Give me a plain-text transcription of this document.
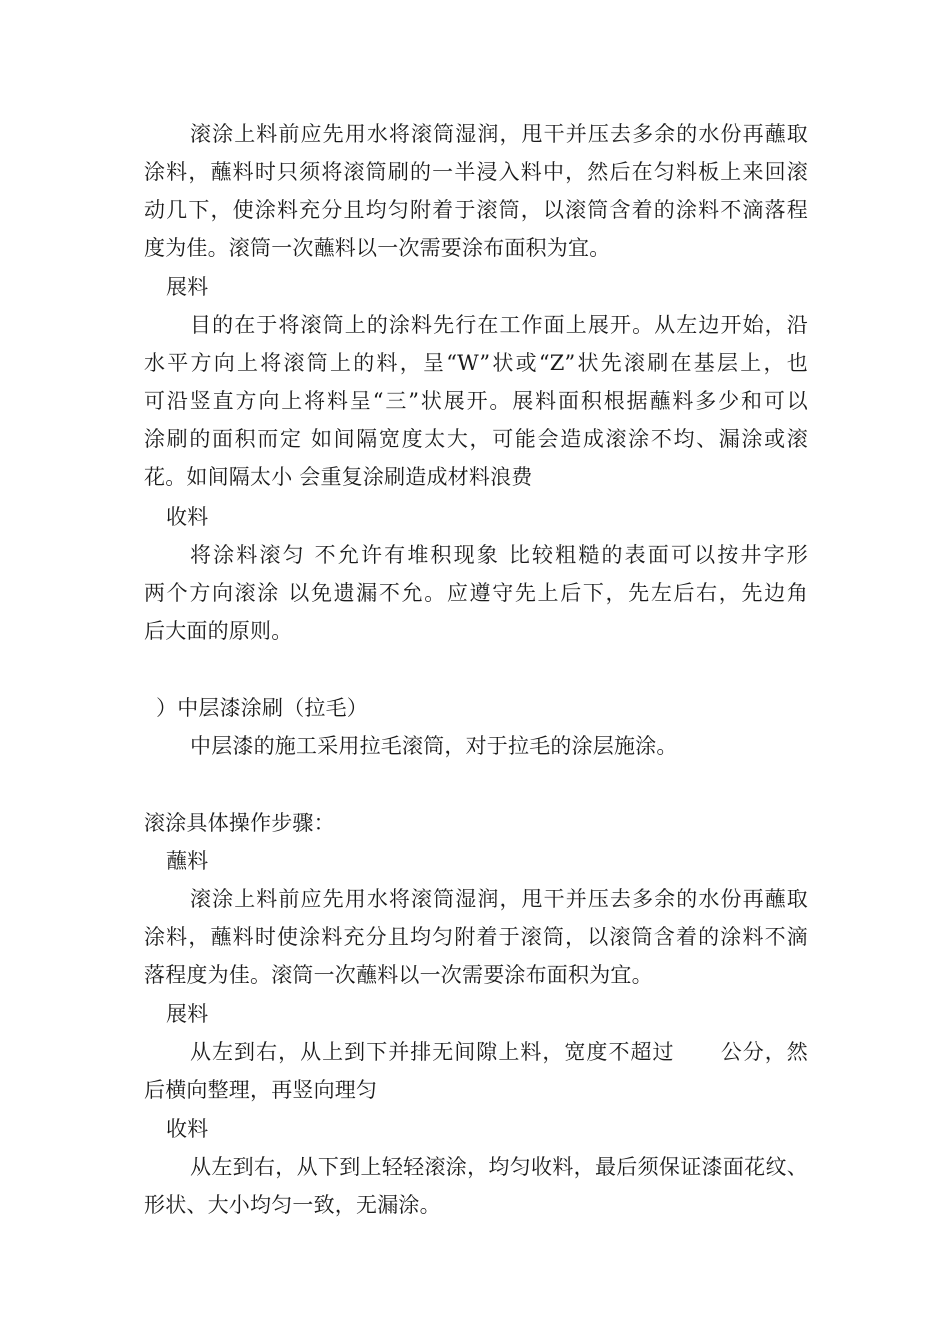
滚涂上料前应先用水将滚筒湿润，甩干并压去多余的水份再蘸取
涂料，蘸料时只须将滚筒刷的一半浸入料中，然后在匀料板上来回滚
动几下，使涂料充分且均匀附着于滚筒，以滚筒含着的涂料不滴落程
度为佳。滚筒一次蘸料以一次需要涂布面积为宜。
展料
目的在于将滚筒上的涂料先行在工作面上展开。从左边开始，沿
水平方向上将滚筒上的料，呈“W”状或“Z”状先滚刷在基层上，也
可沿竖直方向上将料呈“三”状展开。展料面积根据蘸料多少和可以
涂刷的面积而定 如间隔宽度太大，可能会造成滚涂不均、漏涂或滚
花。如间隔太小 会重复涂刷造成材料浪费
收料
将涂料滚匀 不允许有堆积现象 比较粗糙的表面可以按井字形
两个方向滚涂 以免遗漏不允。应遵守先上后下，先左后右，先边角
后大面的原则。
）中层漆涂刷（拉毛）
中层漆的施工采用拉毛滚筒，对于拉毛的涂层施涂。
滚涂具体操作步骤：
蘸料
滚涂上料前应先用水将滚筒湿润，甩干并压去多余的水份再蘸取
涂料，蘸料时使涂料充分且均匀附着于滚筒，以滚筒含着的涂料不滴
落程度为佳。滚筒一次蘸料以一次需要涂布面积为宜。
展料
从左到右，从上到下并排无间隙上料，宽度不超过      公分，然
后横向整理，再竖向理匀
收料
从左到右，从下到上轻轻滚涂，均匀收料，最后须保证漆面花纹、
形状、大小均匀一致，无漏涂。
